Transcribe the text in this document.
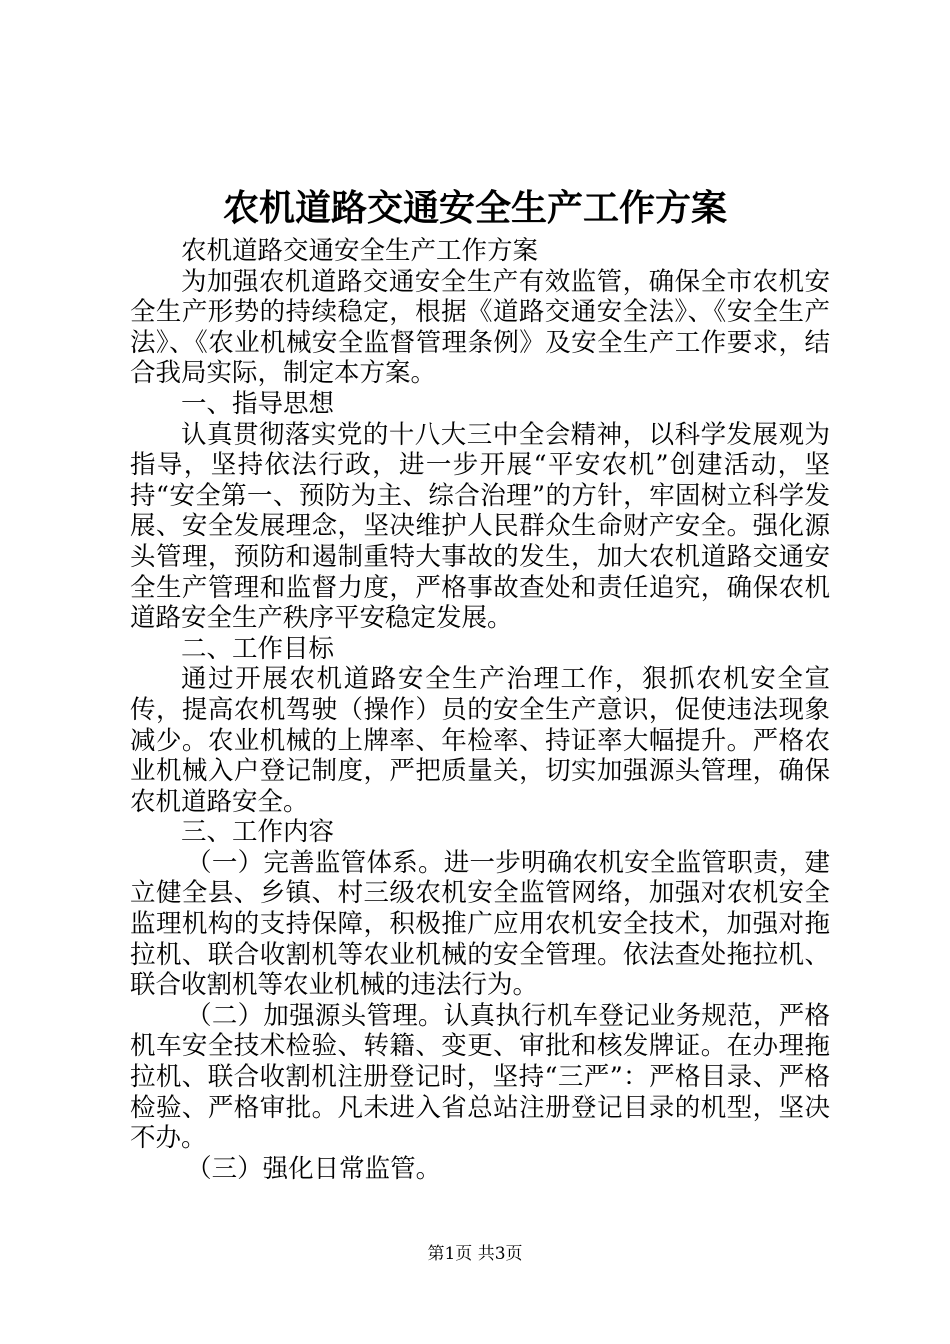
农机道路交通安全生产工作方案

农机道路交通安全生产工作方案

为加强农机道路交通安全生产有效监管，确保全市农机安全生产形势的持续稳定，根据《道路交通安全法》、《安全生产法》、《农业机械安全监督管理条例》及安全生产工作要求，结合我局实际，制定本方案。

一、指导思想

认真贯彻落实党的十八大三中全会精神，以科学发展观为指导，坚持依法行政，进一步开展“平安农机”创建活动，坚持“安全第一、预防为主、综合治理”的方针，牢固树立科学发展、安全发展理念，坚决维护人民群众生命财产安全。强化源头管理，预防和遏制重特大事故的发生，加大农机道路交通安全生产管理和监督力度，严格事故查处和责任追究，确保农机道路安全生产秩序平安稳定发展。

二、工作目标

通过开展农机道路安全生产治理工作，狠抓农机安全宣传，提高农机驾驶（操作）员的安全生产意识，促使违法现象减少。农业机械的上牌率、年检率、持证率大幅提升。严格农业机械入户登记制度，严把质量关，切实加强源头管理，确保农机道路安全。

三、工作内容

（一）完善监管体系。进一步明确农机安全监管职责，建立健全县、乡镇、村三级农机安全监管网络，加强对农机安全监理机构的支持保障，积极推广应用农机安全技术，加强对拖拉机、联合收割机等农业机械的安全管理。依法查处拖拉机、联合收割机等农业机械的违法行为。

（二）加强源头管理。认真执行机车登记业务规范，严格机车安全技术检验、转籍、变更、审批和核发牌证。在办理拖拉机、联合收割机注册登记时，坚持“三严”：严格目录、严格检验、严格审批。凡未进入省总站注册登记目录的机型，坚决不办。

（三）强化日常监管。

第1页 共3页
